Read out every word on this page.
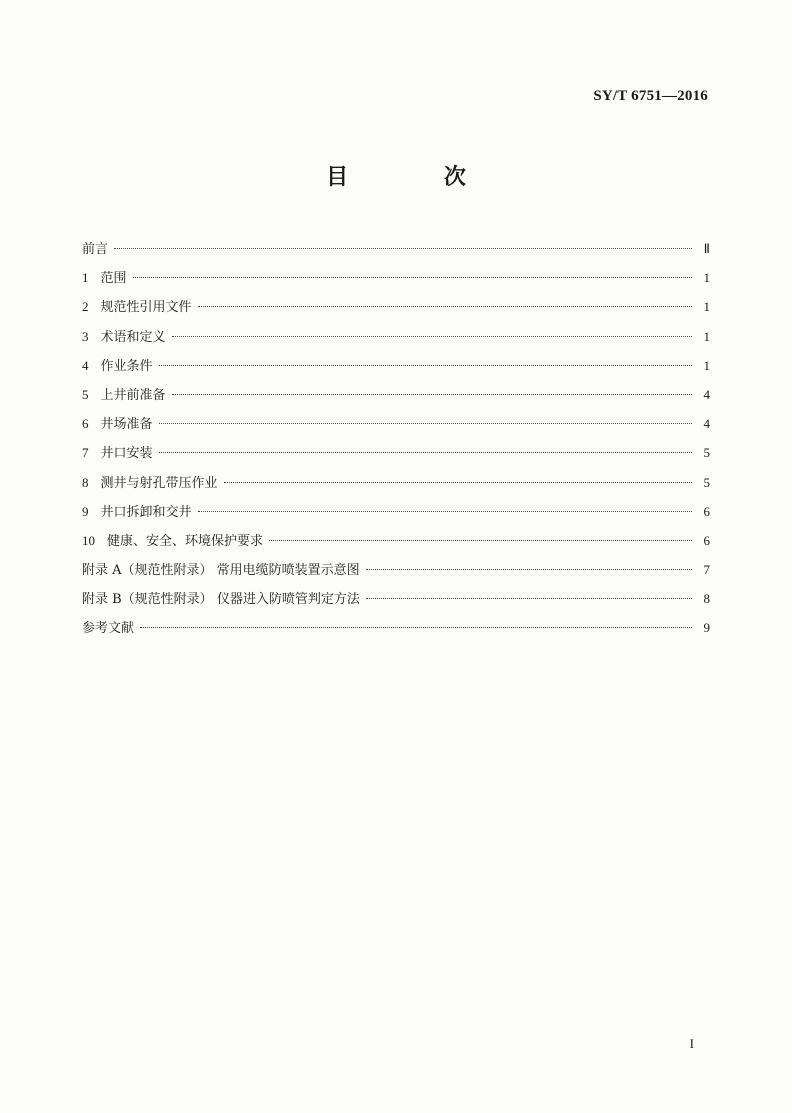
SY/T 6751—2016
目 次
前言	Ⅱ
1 范围	1
2 规范性引用文件	1
3 术语和定义	1
4 作业条件	1
5 上井前准备	4
6 井场准备	4
7 井口安装	5
8 测井与射孔带压作业	5
9 井口拆卸和交井	6
10 健康、安全、环境保护要求	6
附录 A（规范性附录） 常用电缆防喷装置示意图	7
附录 B（规范性附录） 仪器进入防喷管判定方法	8
参考文献	9
I
